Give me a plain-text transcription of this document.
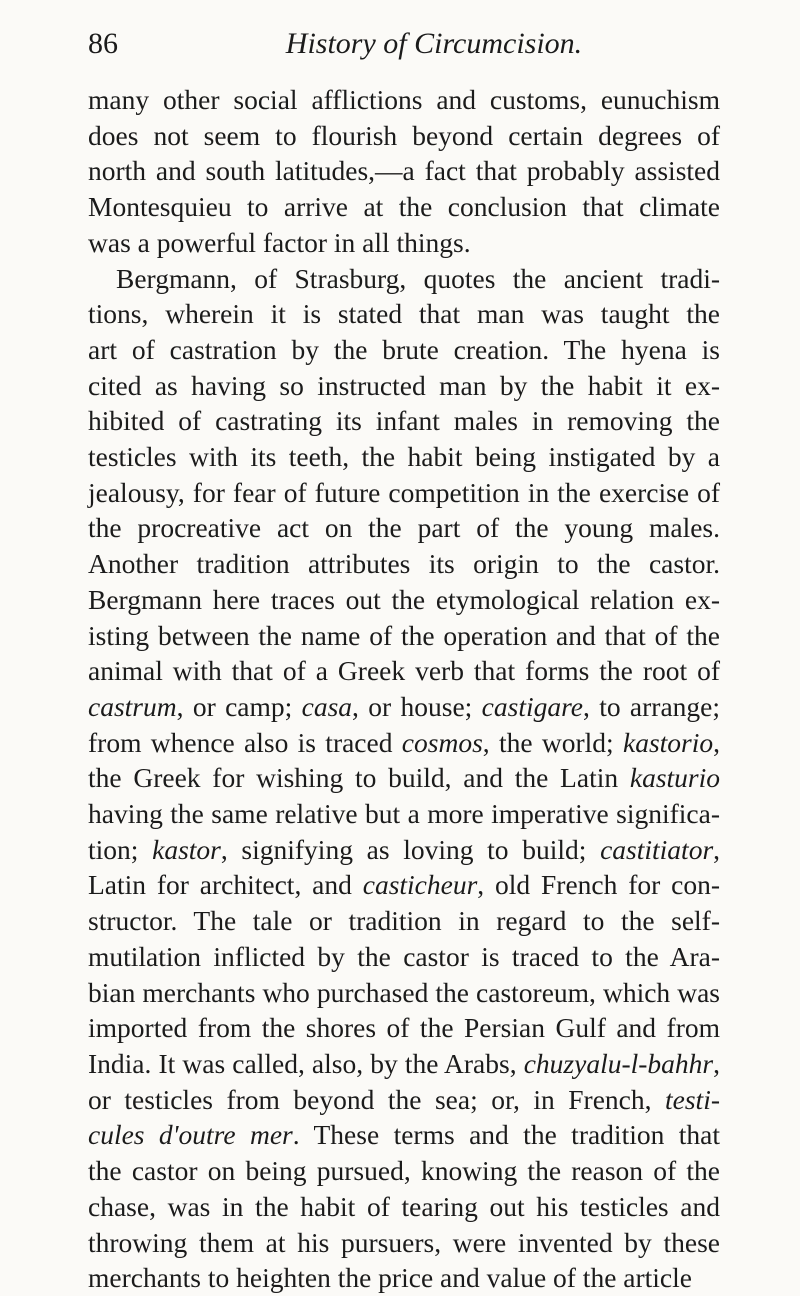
86	History of Circumcision.
many other social afflictions and customs, eunuchism
does not seem to flourish beyond certain degrees of
north and south latitudes,—a fact that probably assisted
Montesquieu to arrive at the conclusion that climate
was a powerful factor in all things.
Bergmann, of Strasburg, quotes the ancient tradi-
tions, wherein it is stated that man was taught the
art of castration by the brute creation. The hyena is
cited as having so instructed man by the habit it ex-
hibited of castrating its infant males in removing the
testicles with its teeth, the habit being instigated by a
jealousy, for fear of future competition in the exercise of
the procreative act on the part of the young males.
Another tradition attributes its origin to the castor.
Bergmann here traces out the etymological relation ex-
isting between the name of the operation and that of the
animal with that of a Greek verb that forms the root of
castrum, or camp; casa, or house; castigare, to arrange;
from whence also is traced cosmos, the world; kastorio,
the Greek for wishing to build, and the Latin kasturio
having the same relative but a more imperative significa-
tion; kastor, signifying as loving to build; castitiator,
Latin for architect, and casticheur, old French for con-
structor. The tale or tradition in regard to the self-
mutilation inflicted by the castor is traced to the Ara-
bian merchants who purchased the castoreum, which was
imported from the shores of the Persian Gulf and from
India. It was called, also, by the Arabs, chuzyalu-l-bahhr,
or testicles from beyond the sea; or, in French, testi-
cules d'outre mer. These terms and the tradition that
the castor on being pursued, knowing the reason of the
chase, was in the habit of tearing out his testicles and
throwing them at his pursuers, were invented by these
merchants to heighten the price and value of the article
